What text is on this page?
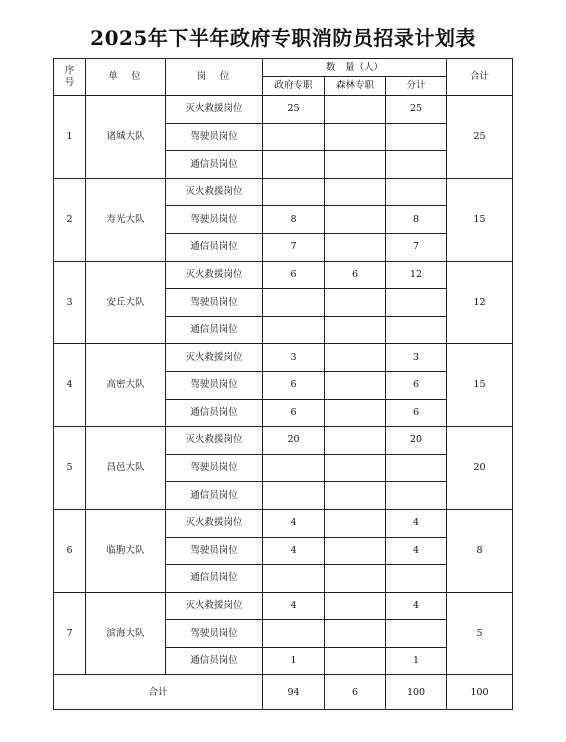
2025年下半年政府专职消防员招录计划表
序
号	单　位	岗　位	数　量（人）			合计
			政府专职	森林专职	分计	
1	诸城大队	灭火救援岗位	25		25	25
		驾驶员岗位				
		通信员岗位				
2	寿光大队	灭火救援岗位				15
		驾驶员岗位	8		8	
		通信员岗位	7		7	
3	安丘大队	灭火救援岗位	6	6	12	12
		驾驶员岗位				
		通信员岗位				
4	高密大队	灭火救援岗位	3		3	15
		驾驶员岗位	6		6	
		通信员岗位	6		6	
5	昌邑大队	灭火救援岗位	20		20	20
		驾驶员岗位				
		通信员岗位				
6	临朐大队	灭火救援岗位	4		4	8
		驾驶员岗位	4		4	
		通信员岗位				
7	滨海大队	灭火救援岗位	4		4	5
		驾驶员岗位				
		通信员岗位	1		1	
合计			94	6	100	100
